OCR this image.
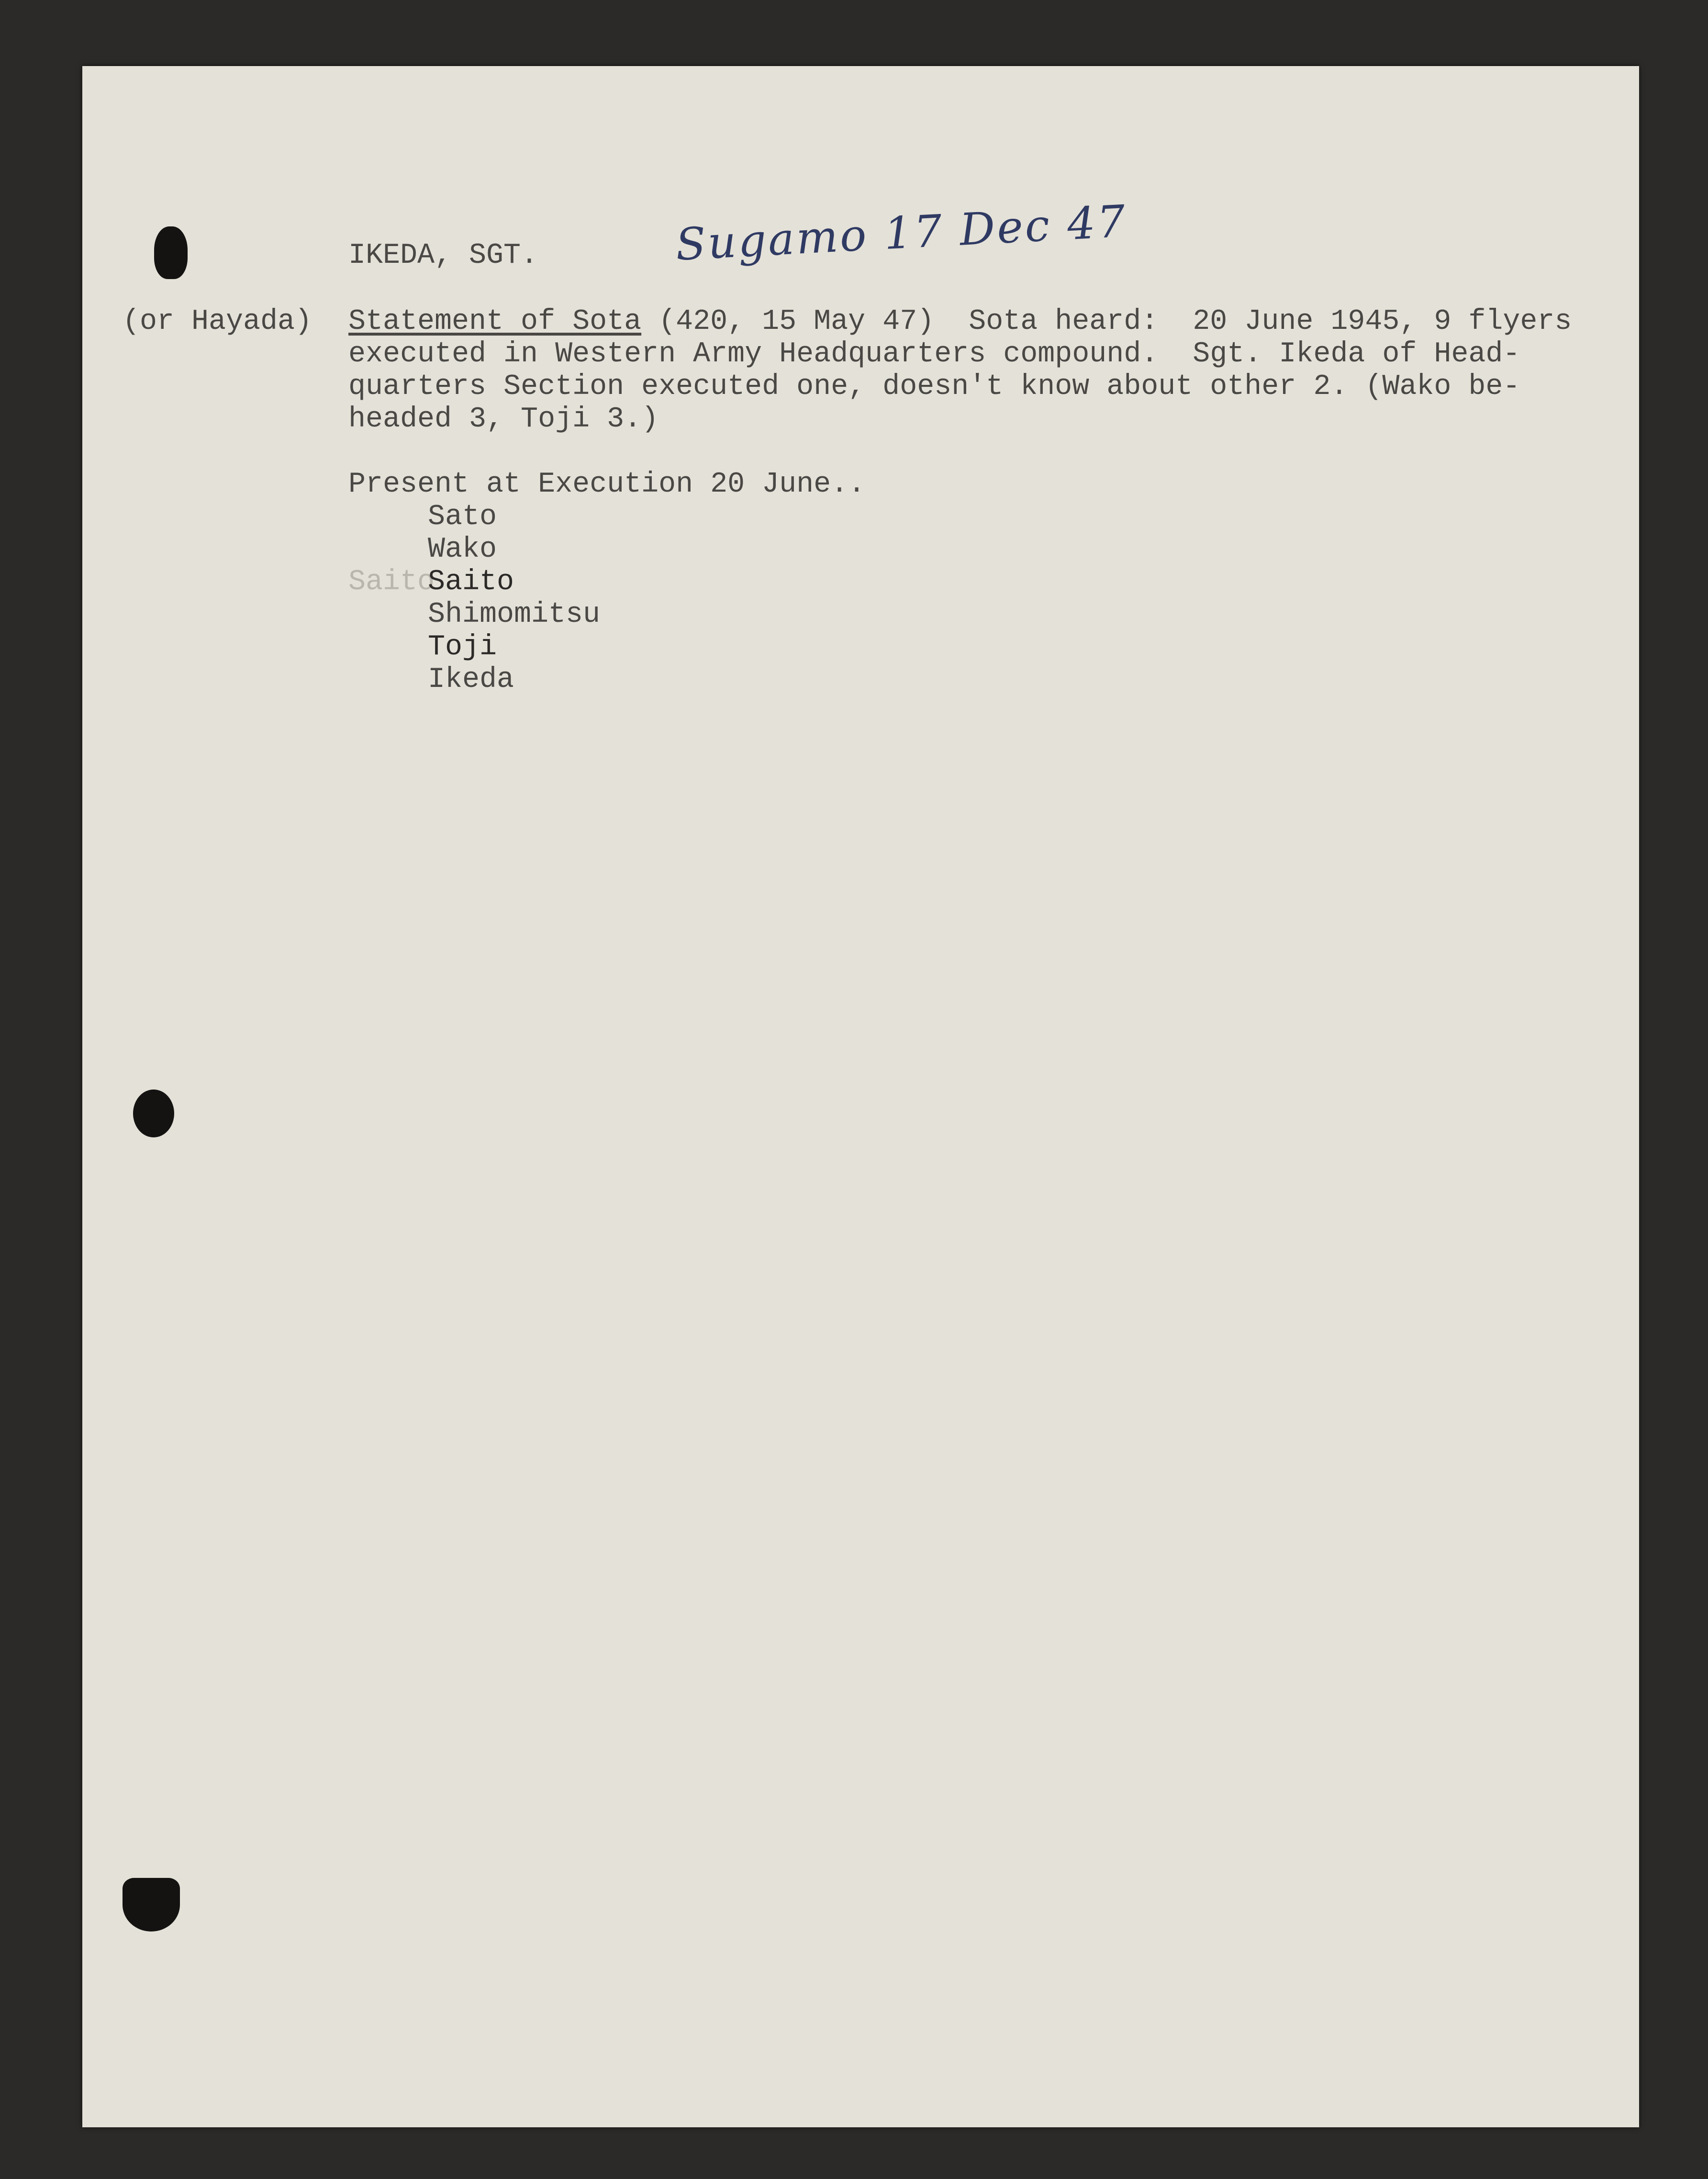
IKEDA, SGT.	Sugamo 17 Dec 47

(or Hayada) Statement of Sota (420, 15 May 47)  Sota heard:  20 June 1945, 9 flyers

executed in Western Army Headquarters compound.  Sgt. Ikeda of Head-

quarters Section executed one, doesn't know about other 2. (Wako be-

headed 3, Toji 3.)

Present at Execution 20 June..

Sato
Wako
Saito
Saito
Shimomitsu
Toji
Ikeda
